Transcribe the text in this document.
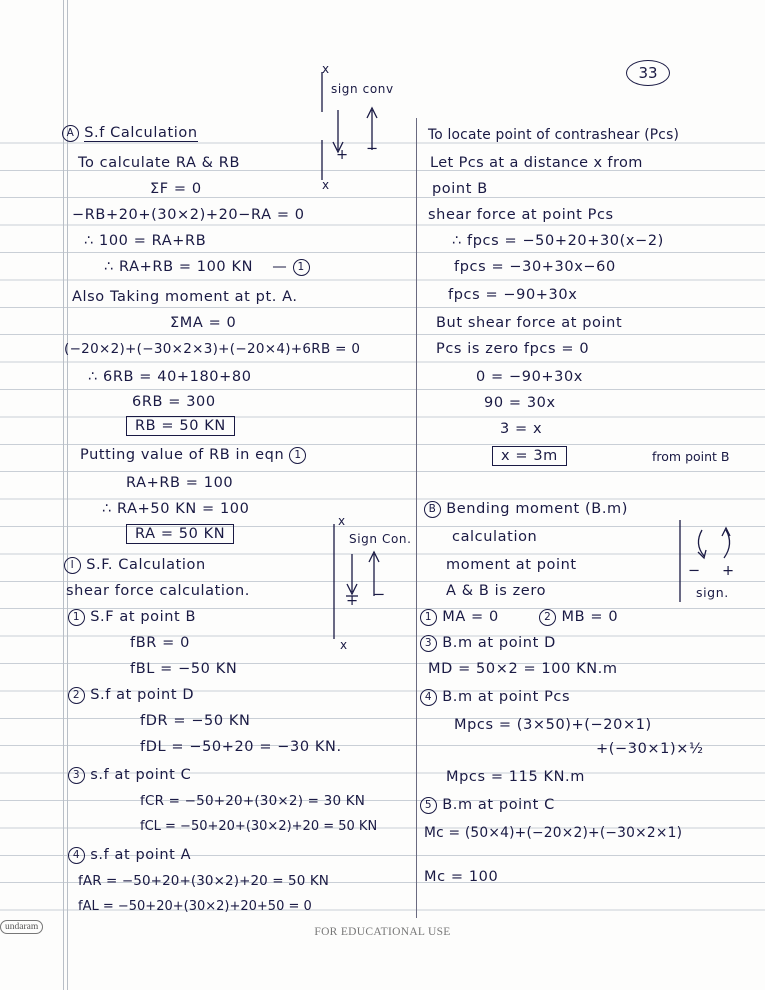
33
x
sign conv
+ −
x
A S.f Calculation
To calculate RA & RB
ΣF = 0
−RB+20+(30×2)+20−RA = 0
∴ 100 = RA+RB
∴ RA+RB = 100 KN — 1
Also Taking moment at pt. A.
ΣMA = 0
(−20×2)+(−30×2×3)+(−20×4)+6RB = 0
∴ 6RB = 40+180+80
6RB = 300
RB = 50 KN
Putting value of RB in eqn 1
RA+RB = 100
∴ RA+50 KN = 100
RA = 50 KN
x
Sign Con.
+ −
x
I S.F. Calculation
shear force calculation.
1 S.F at point B
fBR = 0
fBL = −50 KN
2 S.f at point D
fDR = −50 KN
fDL = −50+20 = −30 KN.
3 s.f at point C
fCR = −50+20+(30×2) = 30 KN
fCL = −50+20+(30×2)+20 = 50 KN
4 s.f at point A
fAR = −50+20+(30×2)+20 = 50 KN
fAL = −50+20+(30×2)+20+50 = 0
To locate point of contrashear (Pcs)
Let Pcs at a distance x from
point B
shear force at point Pcs
∴ fpcs = −50+20+30(x−2)
fpcs = −30+30x−60
fpcs = −90+30x
But shear force at point
Pcs is zero fpcs = 0
0 = −90+30x
90 = 30x
3 = x
x = 3m	from point B
B Bending moment (B.m)
calculation
moment at point
A & B is zero
− +
sign.
1 MA = 0	2 MB = 0
3 B.m at point D
MD = 50×2 = 100 KN.m
4 B.m at point Pcs
Mpcs = (3×50)+(−20×1)
+(−30×1)×½
Mpcs = 115 KN.m
5 B.m at point C
Mc = (50×4)+(−20×2)+(−30×2×1)
Mc = 100
undaram	FOR EDUCATIONAL USE
